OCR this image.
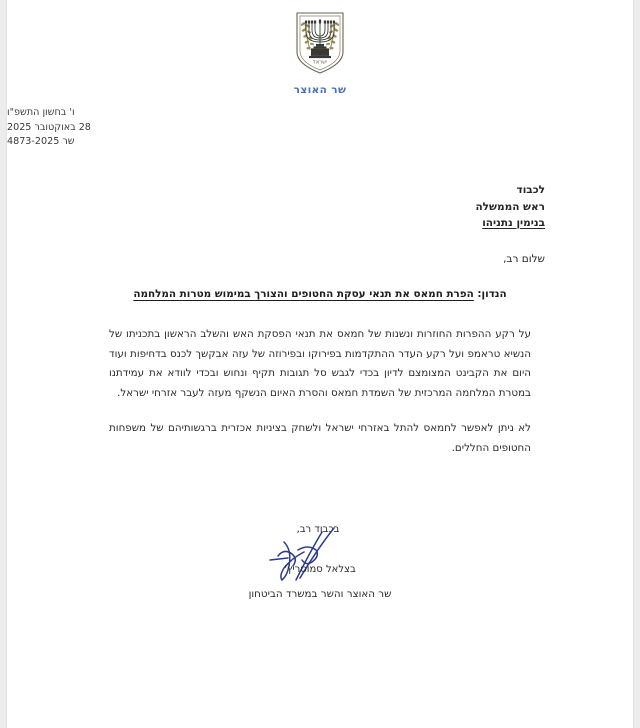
ישראל
שר האוצר
ו' בחשון התשפ"ו
28 באוקטובר 2025
שר 4873-2025
לכבוד
ראש הממשלה
בנימין נתניהו
שלום רב,
הנדון: הפרת חמאס את תנאי עסקת החטופים והצורך במימוש מטרות המלחמה

על רקע ההפרות החוזרות ונשנות של חמאס את תנאי הפסקת האש והשלב הראשון בתכניתו של הנשיא טראמפ ועל רקע העדר ההתקדמות בפירוקו ובפירוזה של עזה אבקשך לכנס בדחיפות ועוד היום את הקבינט המצומצם לדיון בכדי לגבש סל תגובות תקיף ונחוש ובכדי לוודא את עמידתנו במטרת המלחמה המרכזית של השמדת חמאס והסרת האיום הנשקף מעזה לעבר אזרחי ישראל.

לא ניתן לאפשר לחמאס להתל באזרחי ישראל ולשחק בציניות אכזרית ברגשותיהם של משפחות החטופים החללים.

בכבוד רב,
בצלאל סמוטריץ'
שר האוצר והשר במשרד הביטחון
